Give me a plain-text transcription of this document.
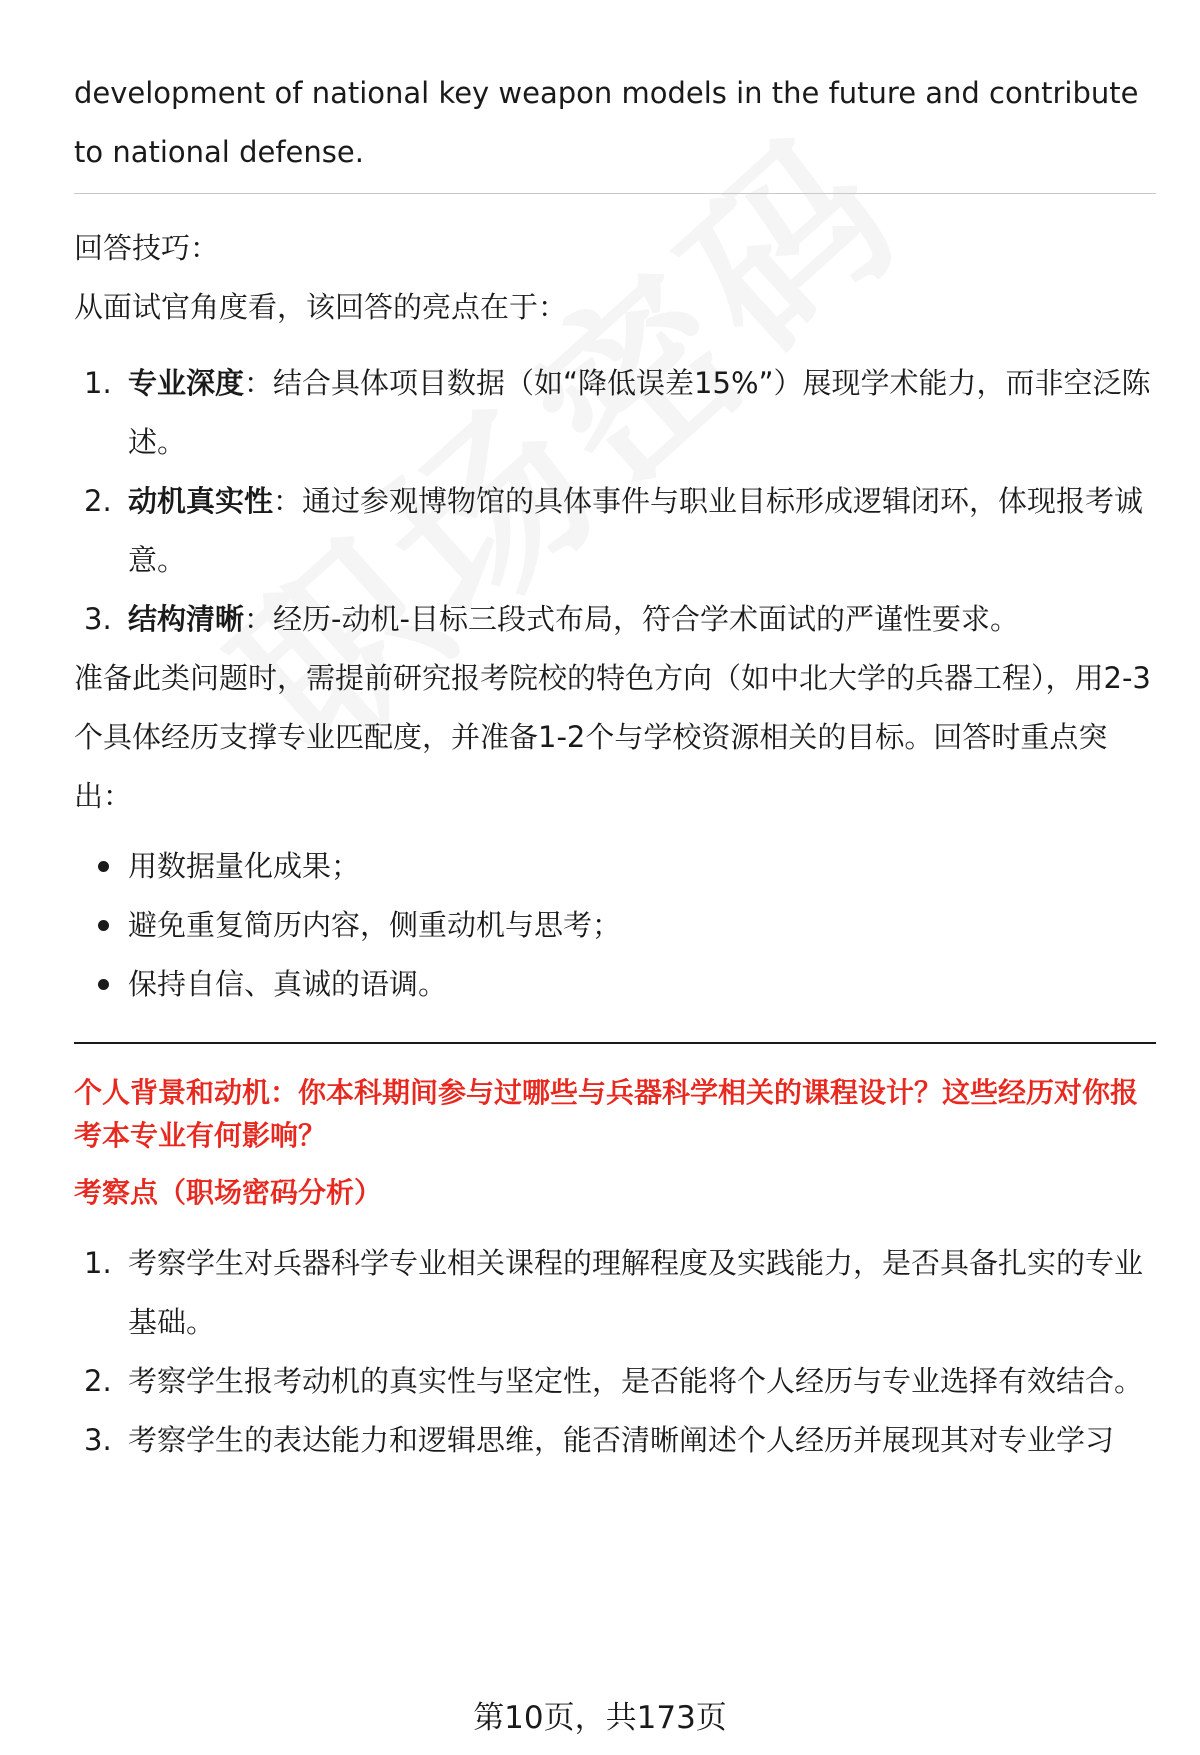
development of national key weapon models in the future and contribute

to national defense.

回答技巧：

从面试官角度看，该回答的亮点在于：

1. 专业深度：结合具体项目数据（如“降低误差15%”）展现学术能力，而非空泛陈述。
2. 动机真实性：通过参观博物馆的具体事件与职业目标形成逻辑闭环，体现报考诚意。
3. 结构清晰：经历-动机-目标三段式布局，符合学术面试的严谨性要求。

准备此类问题时，需提前研究报考院校的特色方向（如中北大学的兵器工程），用2-3个具体经历支撑专业匹配度，并准备1-2个与学校资源相关的目标。回答时重点突出：

用数据量化成果；
避免重复简历内容，侧重动机与思考；
保持自信、真诚的语调。

个人背景和动机：你本科期间参与过哪些与兵器科学相关的课程设计？这些经历对你报考本专业有何影响？

考察点（职场密码分析）

1. 考察学生对兵器科学专业相关课程的理解程度及实践能力，是否具备扎实的专业基础。
2. 考察学生报考动机的真实性与坚定性，是否能将个人经历与专业选择有效结合。
3. 考察学生的表达能力和逻辑思维，能否清晰阐述个人经历并展现其对专业学习
第10页，共173页
